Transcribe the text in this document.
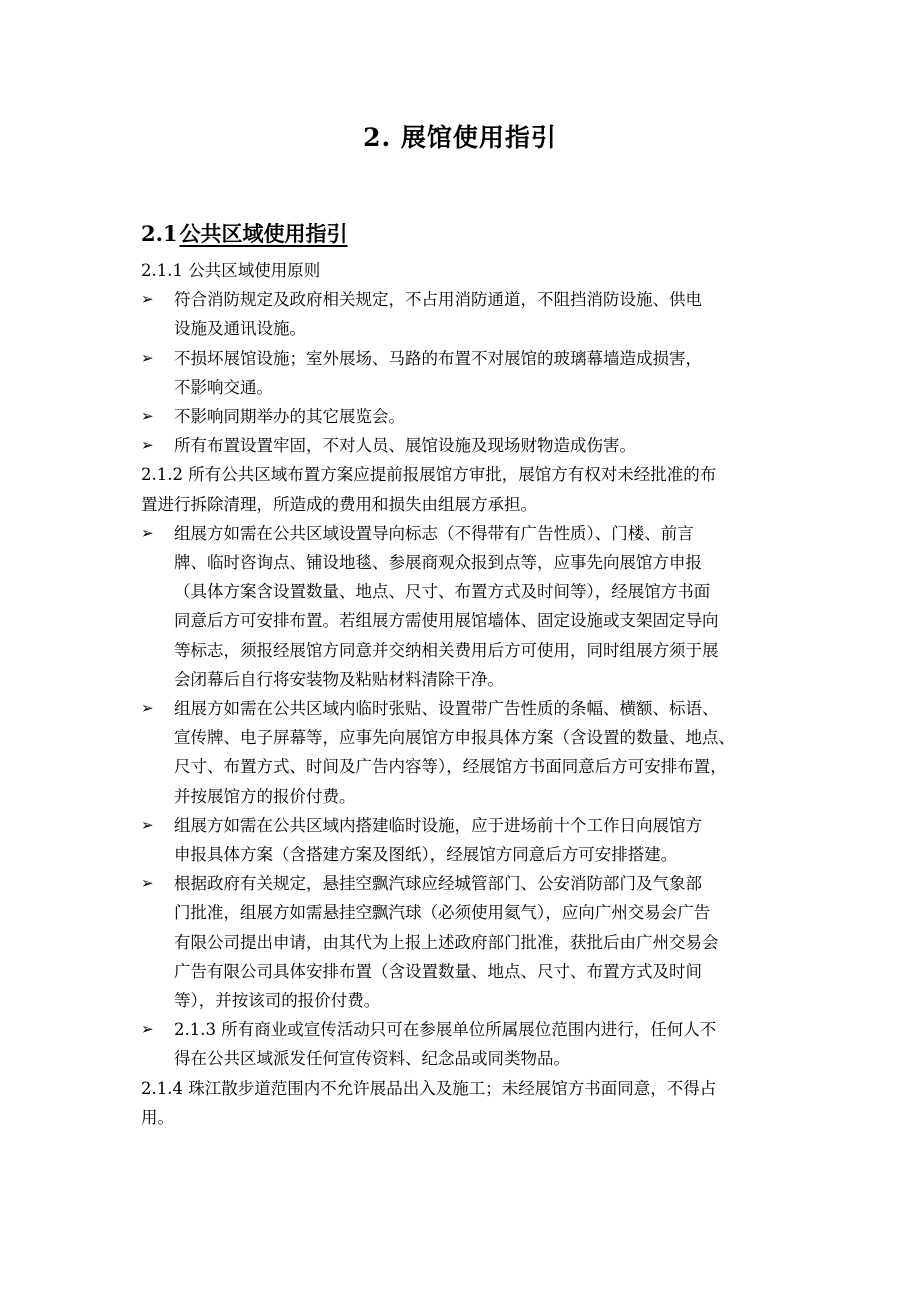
2. 展馆使用指引
2.1公共区域使用指引
2.1.1 公共区域使用原则
➢	符合消防规定及政府相关规定，不占用消防通道，不阻挡消防设施、供电
设施及通讯设施。
➢	不损坏展馆设施；室外展场、马路的布置不对展馆的玻璃幕墙造成损害，
不影响交通。
➢	不影响同期举办的其它展览会。
➢	所有布置设置牢固，不对人员、展馆设施及现场财物造成伤害。
2.1.2 所有公共区域布置方案应提前报展馆方审批，展馆方有权对未经批准的布
置进行拆除清理，所造成的费用和损失由组展方承担。
➢	组展方如需在公共区域设置导向标志（不得带有广告性质）、门楼、前言
牌、临时咨询点、铺设地毯、参展商观众报到点等，应事先向展馆方申报
（具体方案含设置数量、地点、尺寸、布置方式及时间等），经展馆方书面
同意后方可安排布置。若组展方需使用展馆墙体、固定设施或支架固定导向
等标志，须报经展馆方同意并交纳相关费用后方可使用，同时组展方须于展
会闭幕后自行将安装物及粘贴材料清除干净。
➢	组展方如需在公共区域内临时张贴、设置带广告性质的条幅、横额、标语、
宣传牌、电子屏幕等，应事先向展馆方申报具体方案（含设置的数量、地点、
尺寸、布置方式、时间及广告内容等），经展馆方书面同意后方可安排布置，
并按展馆方的报价付费。
➢	组展方如需在公共区域内搭建临时设施，应于进场前十个工作日向展馆方
申报具体方案（含搭建方案及图纸），经展馆方同意后方可安排搭建。
➢	根据政府有关规定，悬挂空飘汽球应经城管部门、公安消防部门及气象部
门批准，组展方如需悬挂空飘汽球（必须使用氦气），应向广州交易会广告
有限公司提出申请，由其代为上报上述政府部门批准，获批后由广州交易会
广告有限公司具体安排布置（含设置数量、地点、尺寸、布置方式及时间
等），并按该司的报价付费。
➢	2.1.3 所有商业或宣传活动只可在参展单位所属展位范围内进行，任何人不
得在公共区域派发任何宣传资料、纪念品或同类物品。
2.1.4 珠江散步道范围内不允许展品出入及施工；未经展馆方书面同意，不得占
用。
